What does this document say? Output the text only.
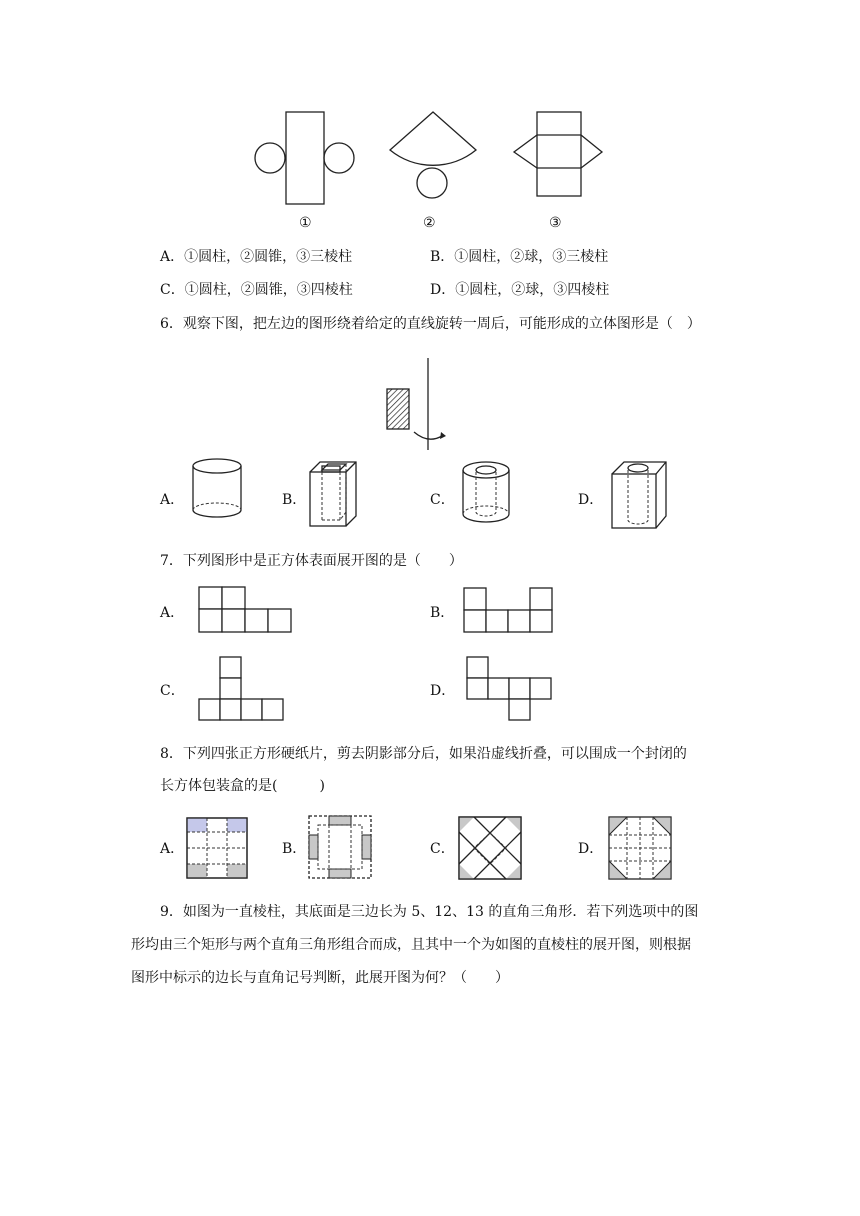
①	②	③
A．①圆柱，②圆锥，③三棱柱	B．①圆柱，②球，③三棱柱
C．①圆柱，②圆锥，③四棱柱	D．①圆柱，②球，③四棱柱
6．观察下图，把左边的图形绕着给定的直线旋转一周后，可能形成的立体图形是（　）
A．	B．	C．	D．
7．下列图形中是正方体表面展开图的是（　　）
A．	B．
C．	D．
8．下列四张正方形硬纸片，剪去阴影部分后，如果沿虚线折叠，可以围成一个封闭的
长方体包装盒的是(　　　)
A．	B．	C．	D．
9．如图为一直棱柱，其底面是三边长为 5、12、13 的直角三角形．若下列选项中的图
形均由三个矩形与两个直角三角形组合而成，且其中一个为如图的直棱柱的展开图，则根据
图形中标示的边长与直角记号判断，此展开图为何？（　　）
